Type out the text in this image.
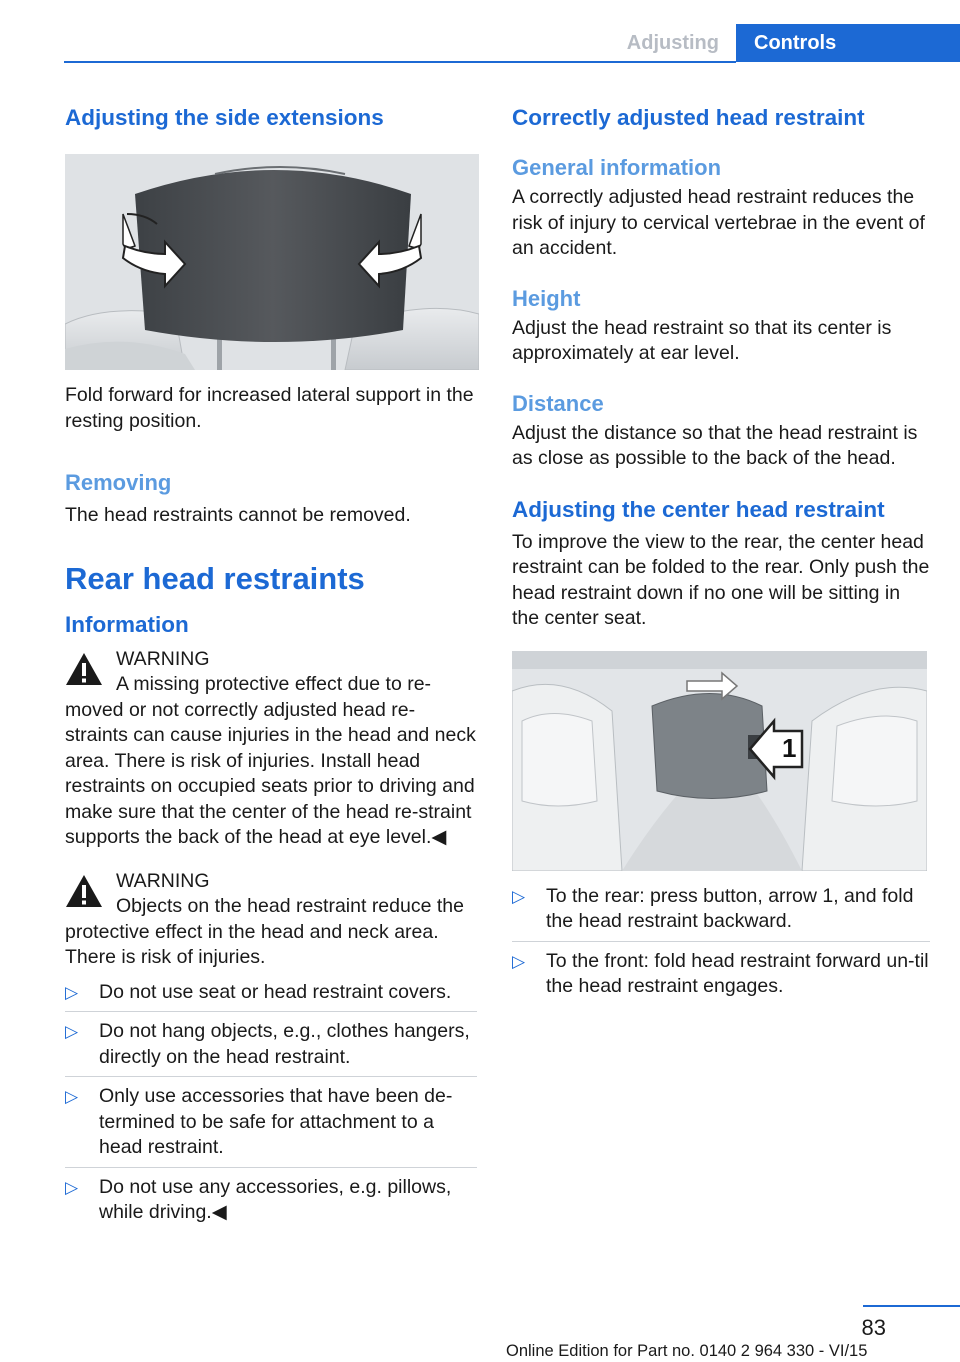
Adjusting	Controls
Adjusting the side extensions

Fold forward for increased lateral support in the resting position.

Removing

The head restraints cannot be removed.

Rear head restraints
Information

WARNING

A missing protective effect due to re-moved or not correctly adjusted head re-straints can cause injuries in the head and neck area. There is risk of injuries. Install head restraints on occupied seats prior to driving and make sure that the center of the head re-straint supports the back of the head at eye level.◀

WARNING

Objects on the head restraint reduce the protective effect in the head and neck area. There is risk of injuries.

▷ Do not use seat or head restraint covers.
▷ Do not hang objects, e.g., clothes hangers, directly on the head restraint.
▷ Only use accessories that have been de-termined to be safe for attachment to a head restraint.
▷ Do not use any accessories, e.g. pillows, while driving.◀
Correctly adjusted head restraint
General information

A correctly adjusted head restraint reduces the risk of injury to cervical vertebrae in the event of an accident.

Height

Adjust the head restraint so that its center is approximately at ear level.

Distance

Adjust the distance so that the head restraint is as close as possible to the back of the head.

Adjusting the center head restraint

To improve the view to the rear, the center head restraint can be folded to the rear. Only push the head restraint down if no one will be sitting in the center seat.

1
▷ To the rear: press button, arrow 1, and fold the head restraint backward.
▷ To the front: fold head restraint forward un-til the head restraint engages.
83
Online Edition for Part no. 0140 2 964 330 - VI/15
